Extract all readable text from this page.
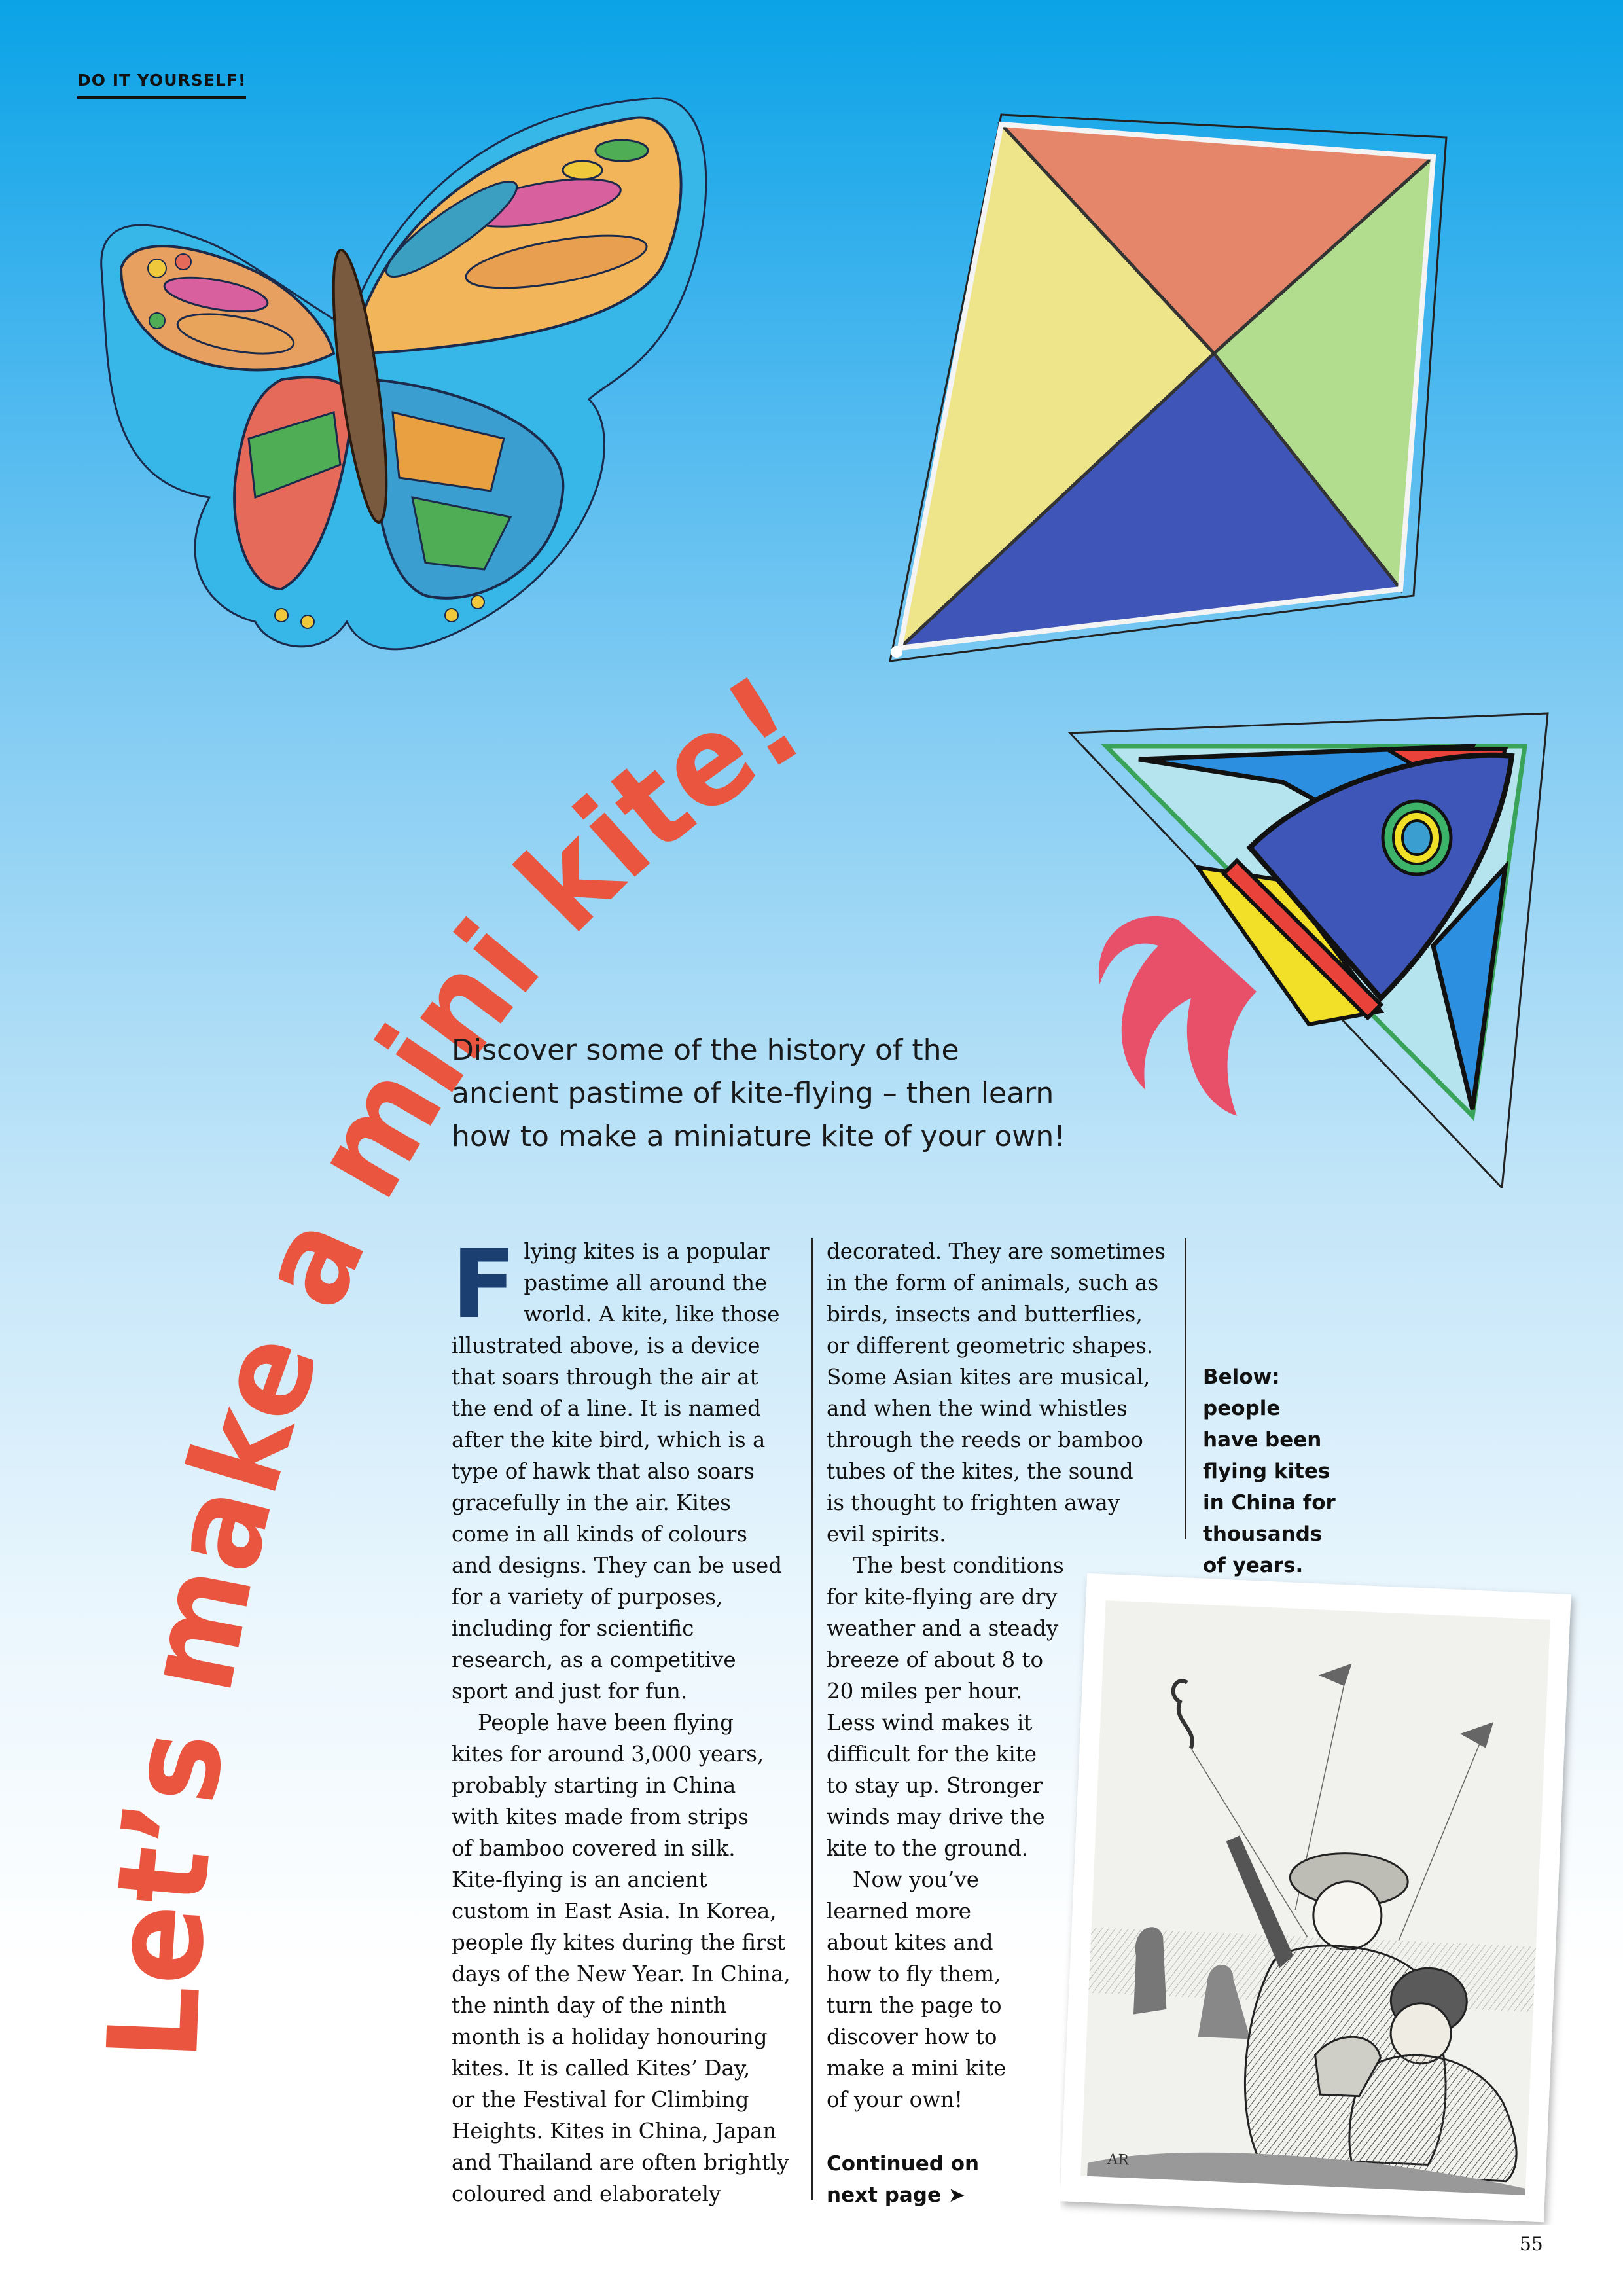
DO IT YOURSELF!
Let’s make a mini kite!
Discover some of the history of the
ancient pastime of kite-flying – then learn
how to make a miniature kite of your own!
F lying kites is a popular
pastime all around the
world. A kite, like those
illustrated above, is a device
that soars through the air at
the end of a line. It is named
after the kite bird, which is a
type of hawk that also soars
gracefully in the air. Kites
come in all kinds of colours
and designs. They can be used
for a variety of purposes,
including for scientific
research, as a competitive
sport and just for fun.

People have been flying
kites for around 3,000 years,
probably starting in China
with kites made from strips
of bamboo covered in silk.
Kite-flying is an ancient
custom in East Asia. In Korea,
people fly kites during the first
days of the New Year. In China,
the ninth day of the ninth
month is a holiday honouring
kites. It is called Kites’ Day,
or the Festival for Climbing
Heights. Kites in China, Japan
and Thailand are often brightly
coloured and elaborately

decorated. They are sometimes
in the form of animals, such as
birds, insects and butterflies,
or different geometric shapes.
Some Asian kites are musical,
and when the wind whistles
through the reeds or bamboo
tubes of the kites, the sound
is thought to frighten away
evil spirits.

The best conditions
for kite-flying are dry
weather and a steady
breeze of about 8 to
20 miles per hour.
Less wind makes it
difficult for the kite
to stay up. Stronger
winds may drive the
kite to the ground.

Now you’ve
learned more
about kites and
how to fly them,
turn the page to
discover how to
make a mini kite
of your own!

Continued on
next page ➤
Below: people
have been
flying kites
in China for
thousands
of years.
AR
55
